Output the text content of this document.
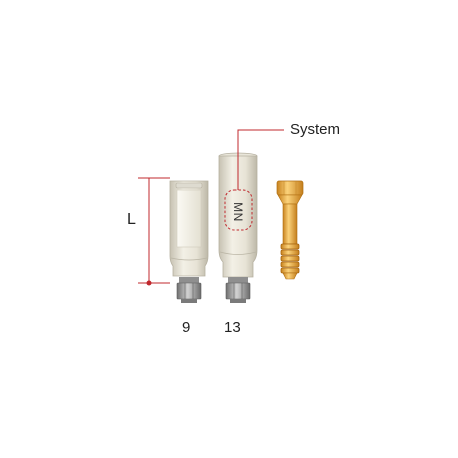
MN
System
L
9 13
